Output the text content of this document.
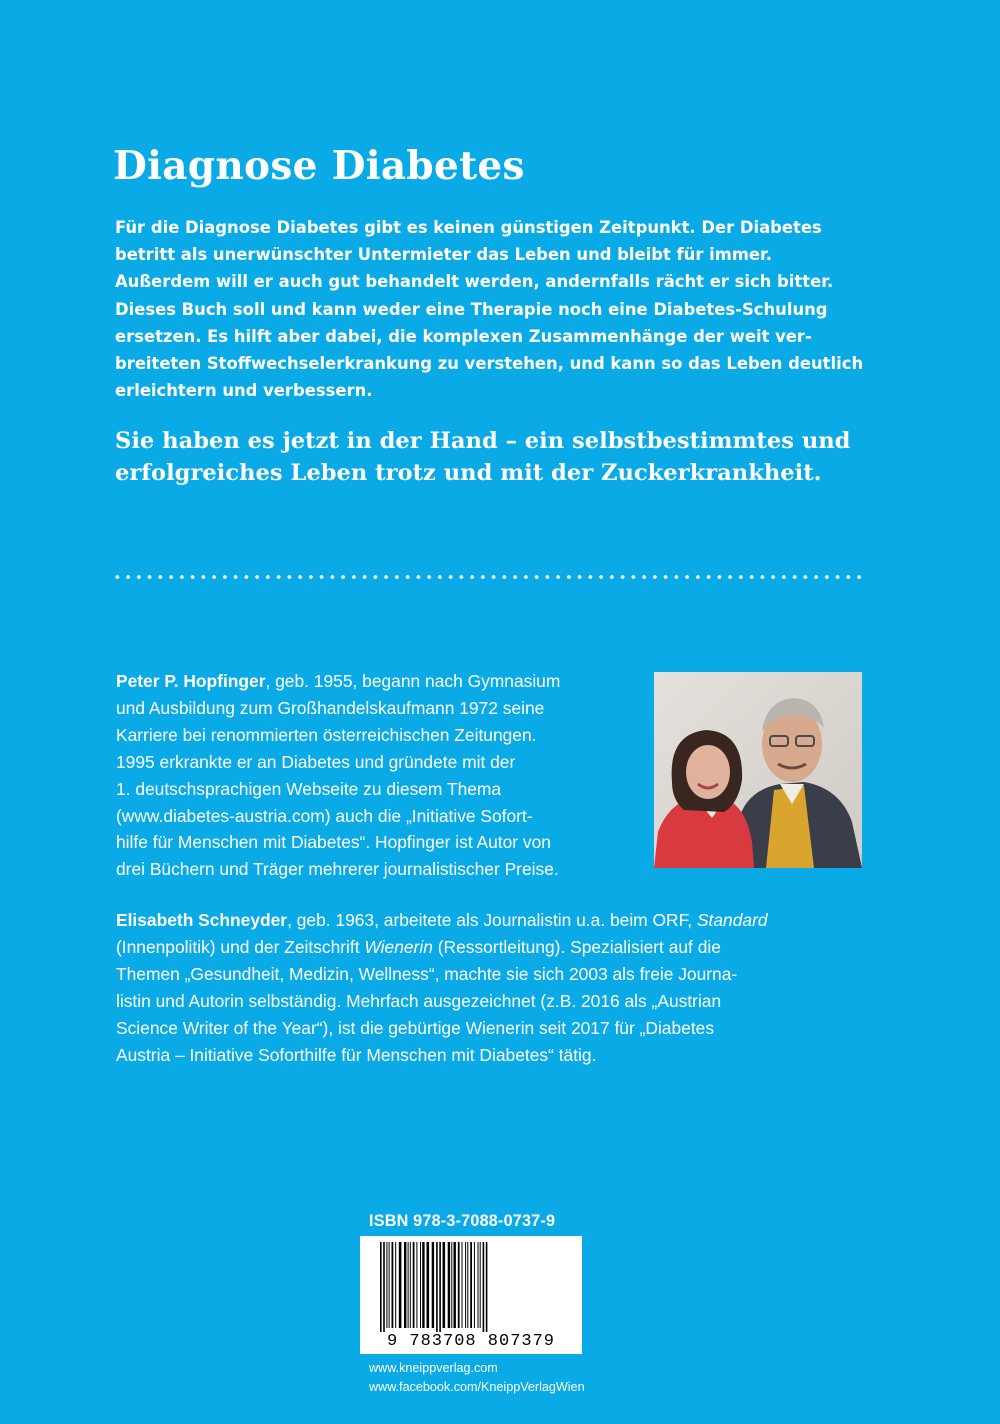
Diagnose Diabetes

Für die Diagnose Diabetes gibt es keinen günstigen Zeitpunkt. Der Diabetes

betritt als unerwünschter Untermieter das Leben und bleibt für immer.

Außerdem will er auch gut behandelt werden, andernfalls rächt er sich bitter.

Dieses Buch soll und kann weder eine Therapie noch eine Diabetes-Schulung

ersetzen. Es hilft aber dabei, die komplexen Zusammenhänge der weit ver-

breiteten Stoffwechselerkrankung zu verstehen, und kann so das Leben deutlich

erleichtern und verbessern.

Sie haben es jetzt in der Hand – ein selbstbestimmtes und
erfolgreiches Leben trotz und mit der Zuckerkrankheit.
Peter P. Hopfinger, geb. 1955, begann nach Gymnasium
und Ausbildung zum Großhandelskaufmann 1972 seine
Karriere bei renommierten österreichischen Zeitungen.
1995 erkrankte er an Diabetes und gründete mit der
1. deutschsprachigen Webseite zu diesem Thema
(www.diabetes-austria.com) auch die „Initiative Sofort-
hilfe für Menschen mit Diabetes“. Hopfinger ist Autor von
drei Büchern und Träger mehrerer journalistischer Preise.
Elisabeth Schneyder, geb. 1963, arbeitete als Journalistin u.a. beim ORF, Standard
(Innenpolitik) und der Zeitschrift Wienerin (Ressortleitung). Spezialisiert auf die
Themen „Gesundheit, Medizin, Wellness“, machte sie sich 2003 als freie Journa-
listin und Autorin selbständig. Mehrfach ausgezeichnet (z.B. 2016 als „Austrian
Science Writer of the Year“), ist die gebürtige Wienerin seit 2017 für „Diabetes
Austria – Initiative Soforthilfe für Menschen mit Diabetes“ tätig.
ISBN 978-3-7088-0737-9
9 783708 807379
www.kneippverlag.com
www.facebook.com/KneippVerlagWien
